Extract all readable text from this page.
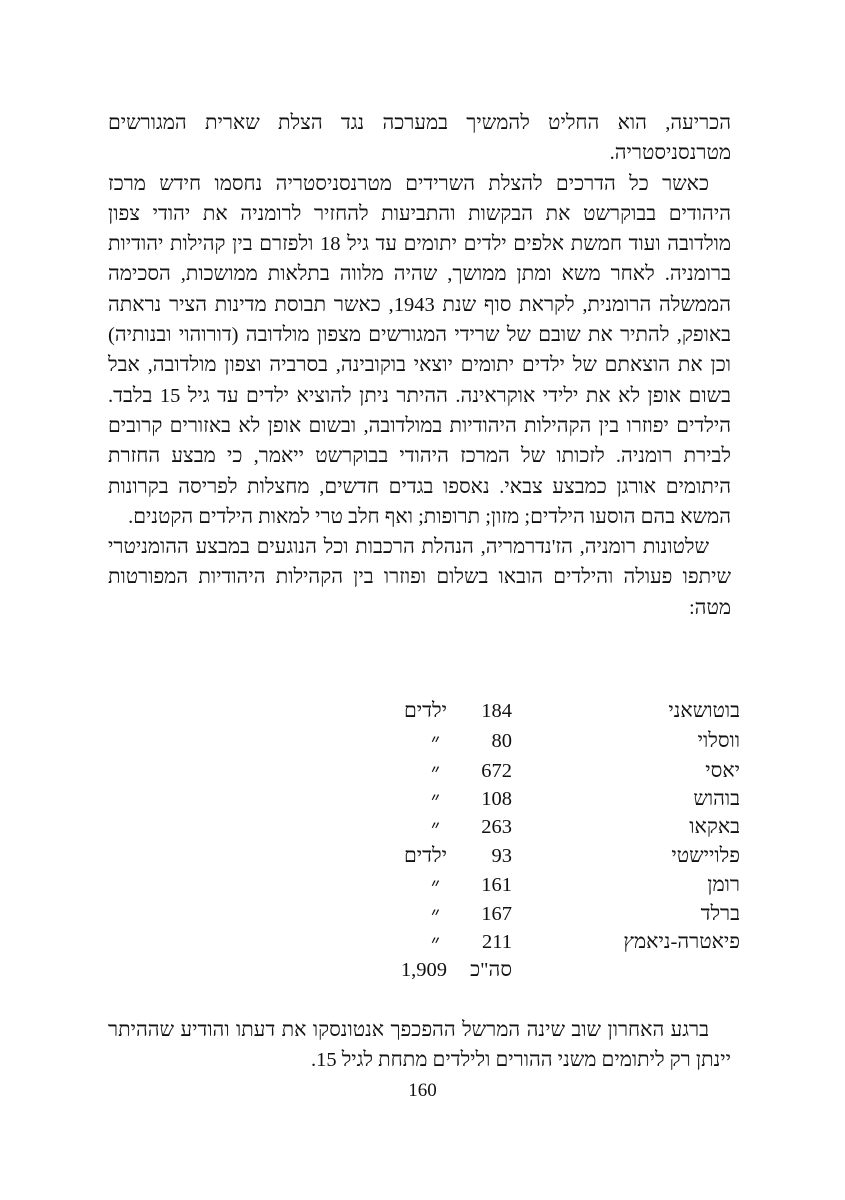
הכריעה, הוא החליט להמשיך במערכה נגד הצלת שארית המגורשים מטרנסניסטריה.

כאשר כל הדרכים להצלת השרידים מטרנסניסטריה נחסמו חידש מרכז היהודים בבוקרשט את הבקשות והתביעות להחזיר לרומניה את יהודי צפון מולדובה ועוד חמשת אלפים ילדים יתומים עד גיל 18 ולפזרם בין קהילות יהודיות ברומניה. לאחר משא ומתן ממושך, שהיה מלווה בתלאות ממושכות, הסכימה הממשלה הרומנית, לקראת סוף שנת 1943, כאשר תבוסת מדינות הציר נראתה באופק, להתיר את שובם של שרידי המגורשים מצפון מולדובה (דורוהוי ובנותיה) וכן את הוצאתם של ילדים יתומים יוצאי בוקובינה, בסרביה וצפון מולדובה, אבל בשום אופן לא את ילידי אוקראינה. ההיתר ניתן להוציא ילדים עד גיל 15 בלבד. הילדים יפוזרו בין הקהילות היהודיות במולדובה, ובשום אופן לא באזורים קרובים לבירת רומניה. לזכותו של המרכז היהודי בבוקרשט ייאמר, כי מבצע החזרת היתומים אורגן כמבצע צבאי. נאספו בגדים חדשים, מחצלות לפריסה בקרונות המשא בהם הוסעו הילדים; מזון; תרופות; ואף חלב טרי למאות הילדים הקטנים.

שלטונות רומניה, הז'נדרמריה, הנהלת הרכבות וכל הנוגעים במבצע ההומניטרי שיתפו פעולה והילדים הובאו בשלום ופוזרו בין הקהילות היהודיות המפורטות מטה:

בוטושאני
184
ילדים
ווסלוי
80
״
יאסי
672
״
בוהוש
108
״
באקאו
263
״
פלויישטי
93
ילדים
רומן
161
״
ברלד
167
״
פיאטרה-ניאמץ
211
״
סה"כ
1,909

ברגע האחרון שוב שינה המרשל ההפכפך אנטונסקו את דעתו והודיע שההיתר יינתן רק ליתומים משני ההורים ולילדים מתחת לגיל 15.

160
